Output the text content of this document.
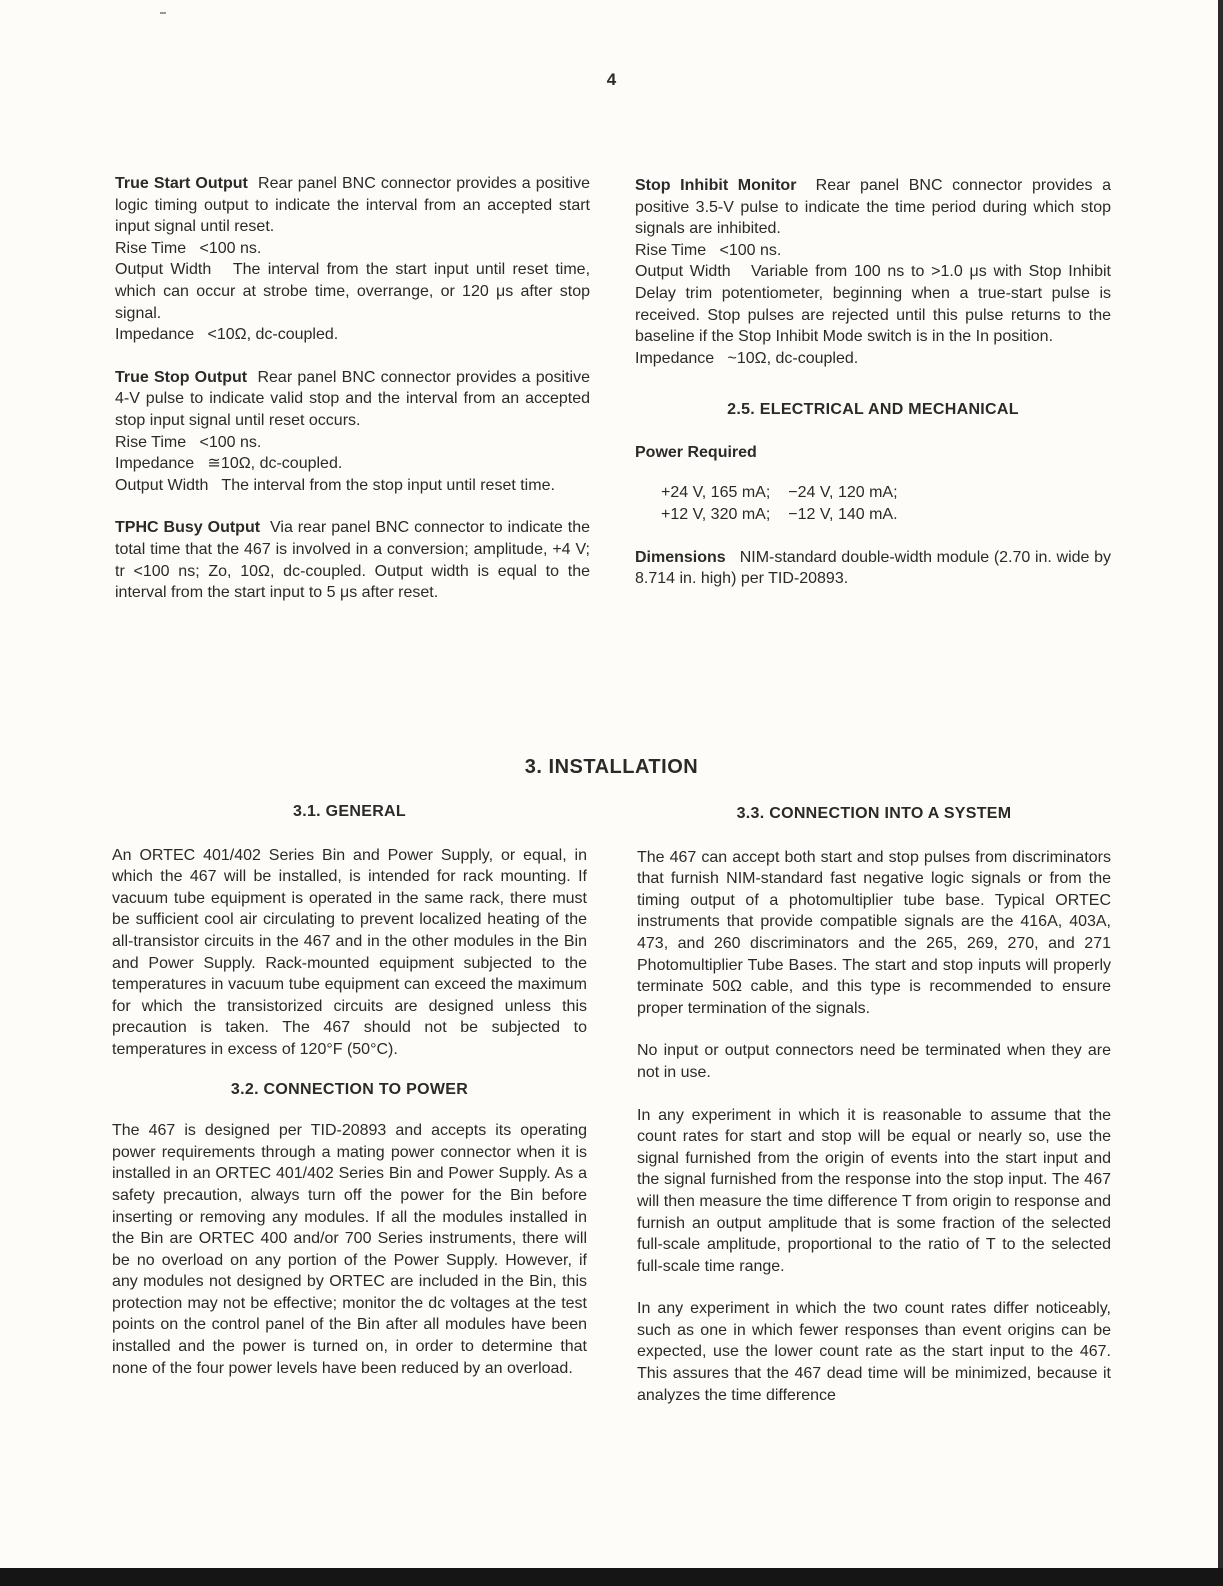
4

True Start Output Rear panel BNC connector provides a positive logic timing output to indicate the interval from an accepted start input signal until reset.

Rise Time <100 ns.

Output Width The interval from the start input until reset time, which can occur at strobe time, overrange, or 120 μs after stop signal.

Impedance <10Ω, dc-coupled.

True Stop Output Rear panel BNC connector provides a positive 4-V pulse to indicate valid stop and the interval from an accepted stop input signal until reset occurs.

Rise Time <100 ns.

Impedance ≅10Ω, dc-coupled.

Output Width The interval from the stop input until reset time.

TPHC Busy Output Via rear panel BNC connector to indicate the total time that the 467 is involved in a conversion; amplitude, +4 V; tr <100 ns; Zo, 10Ω, dc-coupled. Output width is equal to the interval from the start input to 5 μs after reset.

Stop Inhibit Monitor Rear panel BNC connector provides a positive 3.5-V pulse to indicate the time period during which stop signals are inhibited.

Rise Time <100 ns.

Output Width Variable from 100 ns to >1.0 μs with Stop Inhibit Delay trim potentiometer, beginning when a true-start pulse is received. Stop pulses are rejected until this pulse returns to the baseline if the Stop Inhibit Mode switch is in the In position.

Impedance ~10Ω, dc-coupled.

2.5. ELECTRICAL AND MECHANICAL

Power Required

+24 V, 165 mA;	−24 V, 120 mA;
+12 V, 320 mA;	−12 V, 140 mA.

Dimensions NIM-standard double-width module (2.70 in. wide by 8.714 in. high) per TID-20893.

3. INSTALLATION

3.1. GENERAL

An ORTEC 401/402 Series Bin and Power Supply, or equal, in which the 467 will be installed, is intended for rack mounting. If vacuum tube equipment is operated in the same rack, there must be sufficient cool air circulating to prevent localized heating of the all-transistor circuits in the 467 and in the other modules in the Bin and Power Supply. Rack-mounted equipment subjected to the temperatures in vacuum tube equipment can exceed the maximum for which the transistorized circuits are designed unless this precaution is taken. The 467 should not be subjected to temperatures in excess of 120°F (50°C).

3.2. CONNECTION TO POWER

The 467 is designed per TID-20893 and accepts its operating power requirements through a mating power connector when it is installed in an ORTEC 401/402 Series Bin and Power Supply. As a safety precaution, always turn off the power for the Bin before inserting or removing any modules. If all the modules installed in the Bin are ORTEC 400 and/or 700 Series instruments, there will be no overload on any portion of the Power Supply. However, if any modules not designed by ORTEC are included in the Bin, this protection may not be effective; monitor the dc voltages at the test points on the control panel of the Bin after all modules have been installed and the power is turned on, in order to determine that none of the four power levels have been reduced by an overload.

3.3. CONNECTION INTO A SYSTEM

The 467 can accept both start and stop pulses from discriminators that furnish NIM-standard fast negative logic signals or from the timing output of a photomultiplier tube base. Typical ORTEC instruments that provide compatible signals are the 416A, 403A, 473, and 260 discriminators and the 265, 269, 270, and 271 Photomultiplier Tube Bases. The start and stop inputs will properly terminate 50Ω cable, and this type is recommended to ensure proper termination of the signals.

No input or output connectors need be terminated when they are not in use.

In any experiment in which it is reasonable to assume that the count rates for start and stop will be equal or nearly so, use the signal furnished from the origin of events into the start input and the signal furnished from the response into the stop input. The 467 will then measure the time difference T from origin to response and furnish an output amplitude that is some fraction of the selected full-scale amplitude, proportional to the ratio of T to the selected full-scale time range.

In any experiment in which the two count rates differ noticeably, such as one in which fewer responses than event origins can be expected, use the lower count rate as the start input to the 467. This assures that the 467 dead time will be minimized, because it analyzes the time difference
